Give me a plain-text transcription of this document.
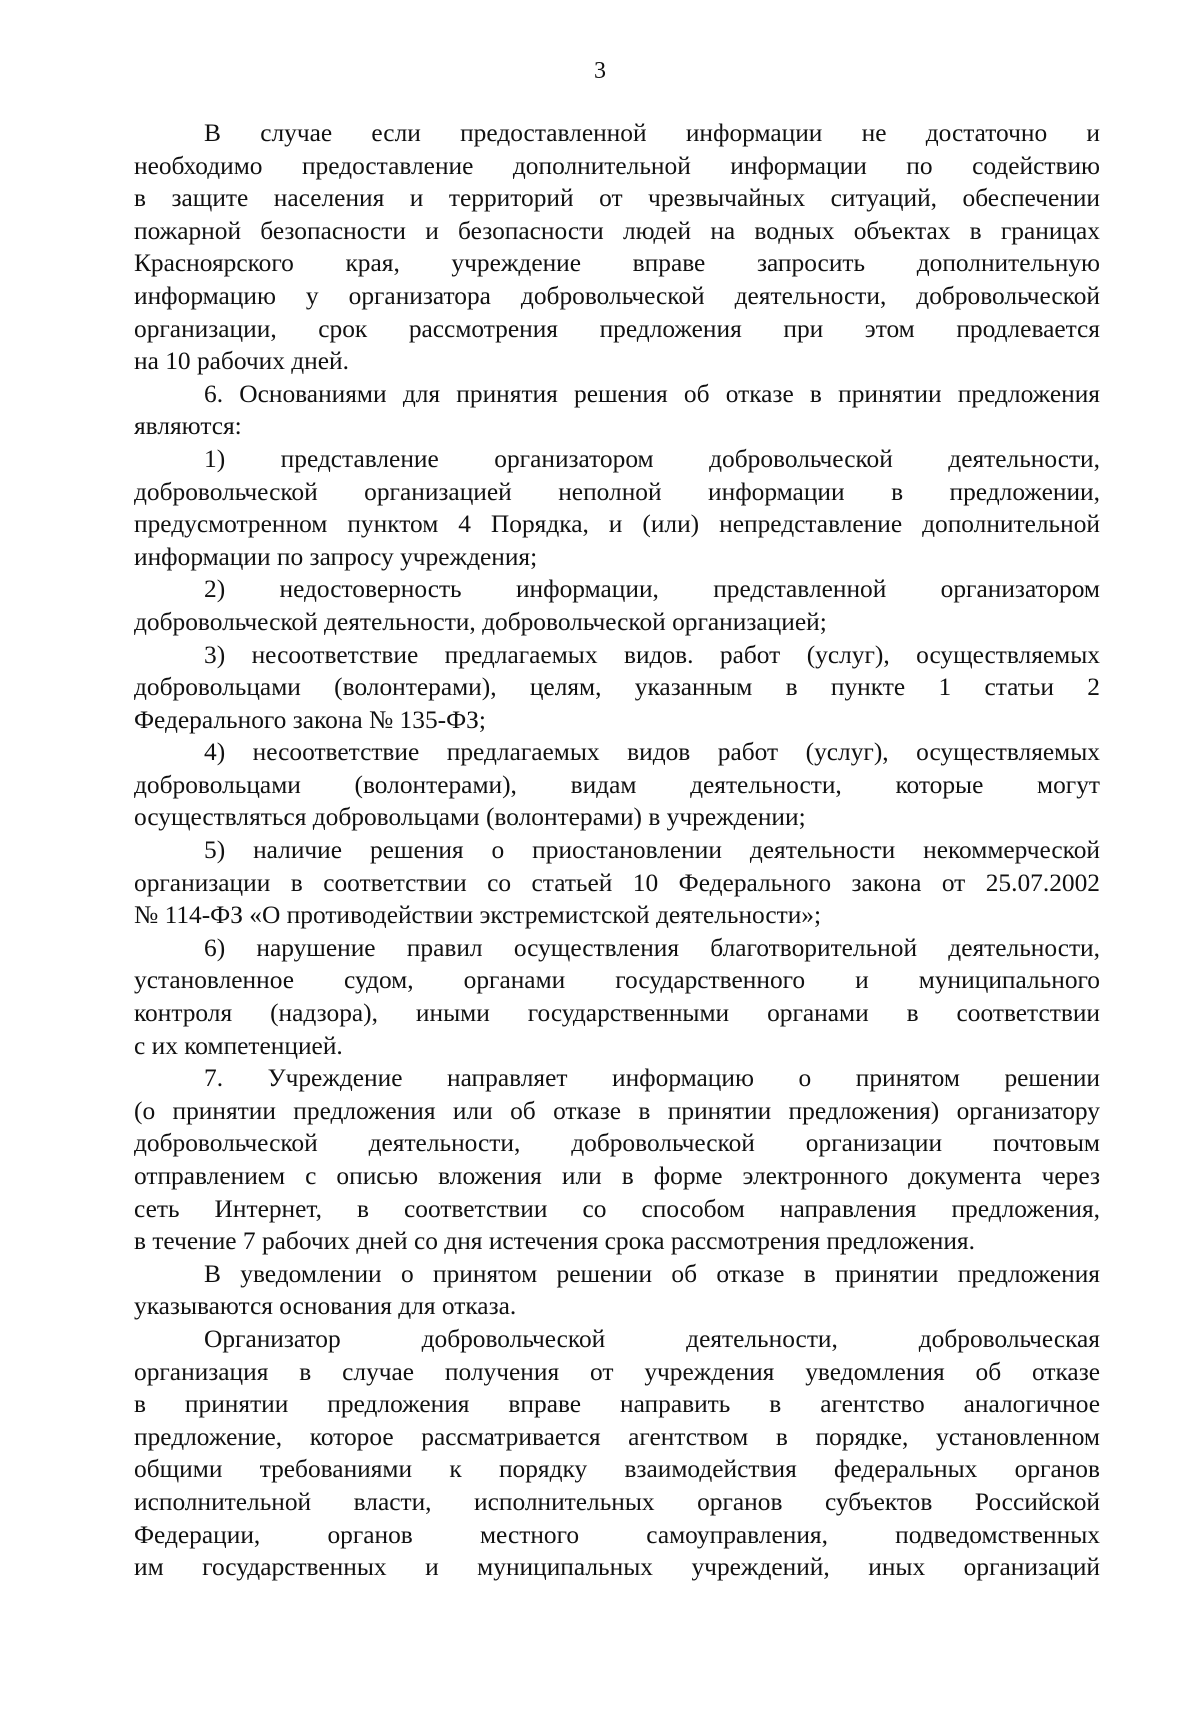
3
В случае если предоставленной информации не достаточно и
необходимо предоставление дополнительной информации по содействию
в защите населения и территорий от чрезвычайных ситуаций, обеспечении
пожарной безопасности и безопасности людей на водных объектах в границах
Красноярского края, учреждение вправе запросить дополнительную
информацию у организатора добровольческой деятельности, добровольческой
организации, срок рассмотрения предложения при этом продлевается
на 10 рабочих дней.
6. Основаниями для принятия решения об отказе в принятии предложения
являются:
1) представление организатором добровольческой деятельности,
добровольческой организацией неполной информации в предложении,
предусмотренном пунктом 4 Порядка, и (или) непредставление дополнительной
информации по запросу учреждения;
2) недостоверность информации, представленной организатором
добровольческой деятельности, добровольческой организацией;
3) несоответствие предлагаемых видов. работ (услуг), осуществляемых
добровольцами (волонтерами), целям, указанным в пункте 1 статьи 2
Федерального закона № 135-ФЗ;
4) несоответствие предлагаемых видов работ (услуг), осуществляемых
добровольцами (волонтерами), видам деятельности, которые могут
осуществляться добровольцами (волонтерами) в учреждении;
5) наличие решения о приостановлении деятельности некоммерческой
организации в соответствии со статьей 10 Федерального закона от 25.07.2002
№ 114-ФЗ «О противодействии экстремистской деятельности»;
6) нарушение правил осуществления благотворительной деятельности,
установленное судом, органами государственного и муниципального
контроля (надзора), иными государственными органами в соответствии
с их компетенцией.
7. Учреждение направляет информацию о принятом решении
(о принятии предложения или об отказе в принятии предложения) организатору
добровольческой деятельности, добровольческой организации почтовым
отправлением с описью вложения или в форме электронного документа через
сеть Интернет, в соответствии со способом направления предложения,
в течение 7 рабочих дней со дня истечения срока рассмотрения предложения.
В уведомлении о принятом решении об отказе в принятии предложения
указываются основания для отказа.
Организатор добровольческой деятельности, добровольческая
организация в случае получения от учреждения уведомления об отказе
в принятии предложения вправе направить в агентство аналогичное
предложение, которое рассматривается агентством в порядке, установленном
общими требованиями к порядку взаимодействия федеральных органов
исполнительной власти, исполнительных органов субъектов Российской
Федерации, органов местного самоуправления, подведомственных
им государственных и муниципальных учреждений, иных организаций
